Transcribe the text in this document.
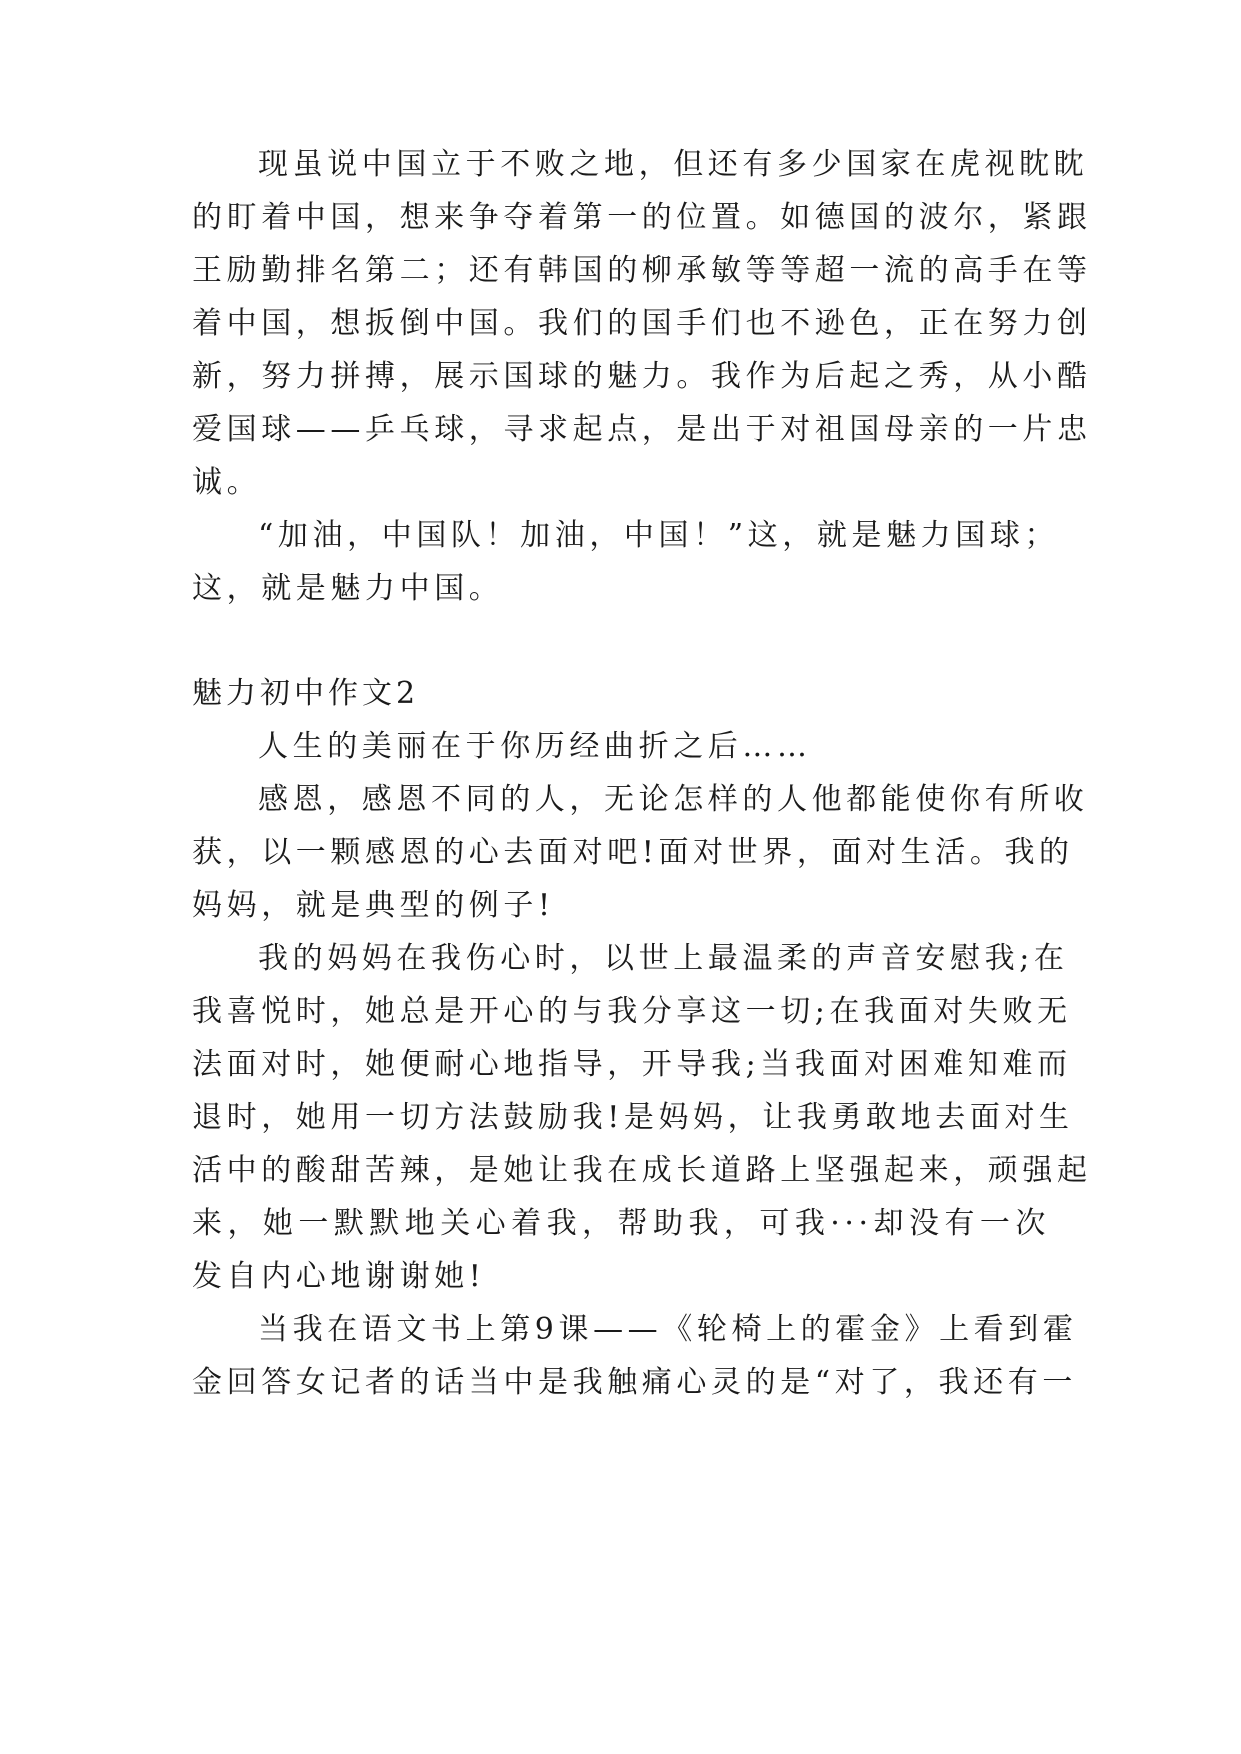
现虽说中国立于不败之地，但还有多少国家在虎视眈眈
的盯着中国，想来争夺着第一的位置。如德国的波尔，紧跟
王励勤排名第二；还有韩国的柳承敏等等超一流的高手在等
着中国，想扳倒中国。我们的国手们也不逊色，正在努力创
新，努力拼搏，展示国球的魅力。我作为后起之秀，从小酷
爱国球——乒乓球，寻求起点，是出于对祖国母亲的一片忠
诚。
“加油，中国队！加油，中国！”这，就是魅力国球；
这，就是魅力中国。
魅力初中作文2
人生的美丽在于你历经曲折之后……
感恩，感恩不同的人，无论怎样的人他都能使你有所收
获，以一颗感恩的心去面对吧!面对世界，面对生活。我的
妈妈，就是典型的例子!
我的妈妈在我伤心时，以世上最温柔的声音安慰我;在
我喜悦时，她总是开心的与我分享这一切;在我面对失败无
法面对时，她便耐心地指导，开导我;当我面对困难知难而
退时，她用一切方法鼓励我!是妈妈，让我勇敢地去面对生
活中的酸甜苦辣，是她让我在成长道路上坚强起来，顽强起
来，她一默默地关心着我，帮助我，可我···却没有一次
发自内心地谢谢她!
当我在语文书上第9课——《轮椅上的霍金》上看到霍
金回答女记者的话当中是我触痛心灵的是“对了，我还有一
